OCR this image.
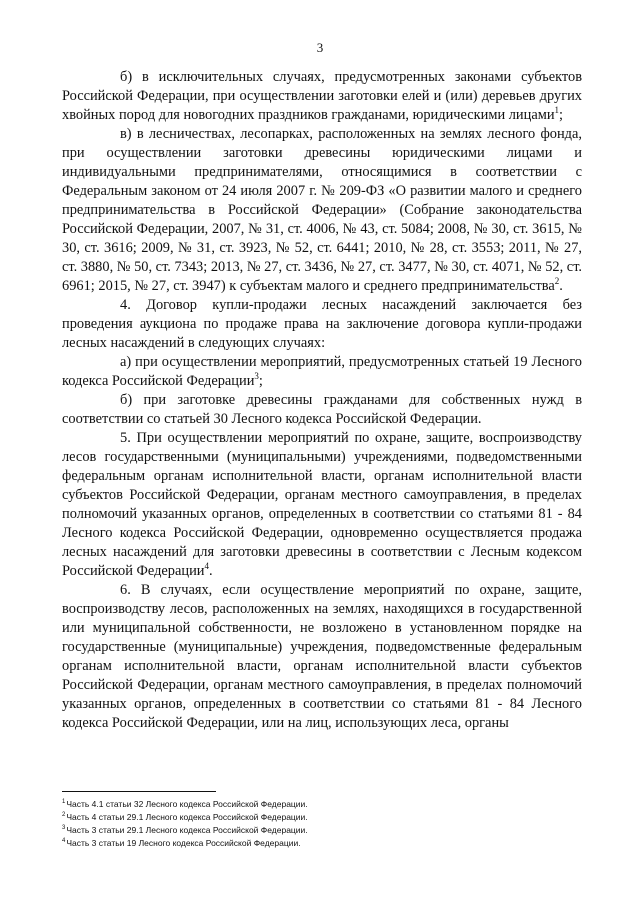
3

б) в исключительных случаях, предусмотренных законами субъектов Российской Федерации, при осуществлении заготовки елей и (или) деревьев других хвойных пород для новогодних праздников гражданами, юридическими лицами$^1$;

в) в лесничествах, лесопарках, расположенных на землях лесного фонда, при осуществлении заготовки древесины юридическими лицами и индивидуальными предпринимателями, относящимися в соответствии с Федеральным законом от 24 июля 2007 г. № 209-ФЗ «О развитии малого и среднего предпринимательства в Российской Федерации» (Собрание законодательства Российской Федерации, 2007, № 31, ст. 4006, № 43, ст. 5084; 2008, № 30, ст. 3615, № 30, ст. 3616; 2009, № 31, ст. 3923, № 52, ст. 6441; 2010, № 28, ст. 3553; 2011, № 27, ст. 3880, № 50, ст. 7343; 2013, № 27, ст. 3436, № 27, ст. 3477, № 30, ст. 4071, № 52, ст. 6961; 2015, № 27, ст. 3947) к субъектам малого и среднего предпринимательства$^2$.

4. Договор купли-продажи лесных насаждений заключается без проведения аукциона по продаже права на заключение договора купли-продажи лесных насаждений в следующих случаях:

а) при осуществлении мероприятий, предусмотренных статьей 19 Лесного кодекса Российской Федерации$^3$;

б) при заготовке древесины гражданами для собственных нужд в соответствии со статьей 30 Лесного кодекса Российской Федерации.

5. При осуществлении мероприятий по охране, защите, воспроизводству лесов государственными (муниципальными) учреждениями, подведомственными федеральным органам исполнительной власти, органам исполнительной власти субъектов Российской Федерации, органам местного самоуправления, в пределах полномочий указанных органов, определенных в соответствии со статьями 81 - 84 Лесного кодекса Российской Федерации, одновременно осуществляется продажа лесных насаждений для заготовки древесины в соответствии с Лесным кодексом Российской Федерации$^4$.

6. В случаях, если осуществление мероприятий по охране, защите, воспроизводству лесов, расположенных на землях, находящихся в государственной или муниципальной собственности, не возложено в установленном порядке на государственные (муниципальные) учреждения, подведомственные федеральным органам исполнительной власти, органам исполнительной власти субъектов Российской Федерации, органам местного самоуправления, в пределах полномочий указанных органов, определенных в соответствии со статьями 81 - 84 Лесного кодекса Российской Федерации, или на лиц, использующих леса, органы

$^1$Часть 4.1 статьи 32 Лесного кодекса Российской Федерации.
$^2$Часть 4 статьи 29.1 Лесного кодекса Российской Федерации.
$^3$Часть 3 статьи 29.1 Лесного кодекса Российской Федерации.
$^4$Часть 3 статьи 19 Лесного кодекса Российской Федерации.
